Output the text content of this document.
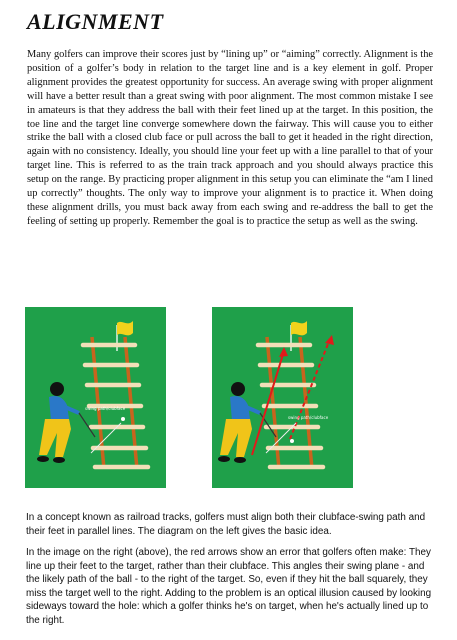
ALIGNMENT

Many golfers can improve their scores just by “lining up” or “aiming” correctly. Alignment is the position of a golfer’s body in relation to the target line and is a key element in golf. Proper alignment provides the greatest opportunity for success. An average swing with proper alignment will have a better result than a great swing with poor alignment. The most common mistake I see in amateurs is that they address the ball with their feet lined up at the target. In this position, the toe line and the target line converge somewhere down the fairway. This will cause you to either strike the ball with a closed club face or pull across the ball to get it headed in the right direction, again with no consistency. Ideally, you should line your feet up with a line parallel to that of your target line. This is referred to as the train track approach and you should always practice this setup on the range. By practicing proper alignment in this setup you can eliminate the “am I lined up correctly” thoughts. The only way to improve your alignment is to practice it. When doing these alignment drills, you must back away from each swing and re-address the ball to get the feeling of setting up properly. Remember the goal is to practice the setup as well as the swing.

swing path/clubface
swing path/clubface

In a concept known as railroad tracks, golfers must align both their clubface-swing path and their feet in parallel lines. The diagram on the left gives the basic idea.

In the image on the right (above), the red arrows show an error that golfers often make: They line up their feet to the target, rather than their clubface. This angles their swing plane - and the likely path of the ball - to the right of the target. So, even if they hit the ball squarely, they miss the target well to the right. Adding to the problem is an optical illusion caused by looking sideways toward the hole: which a golfer thinks he's on target, when he's actually lined up to the right.
